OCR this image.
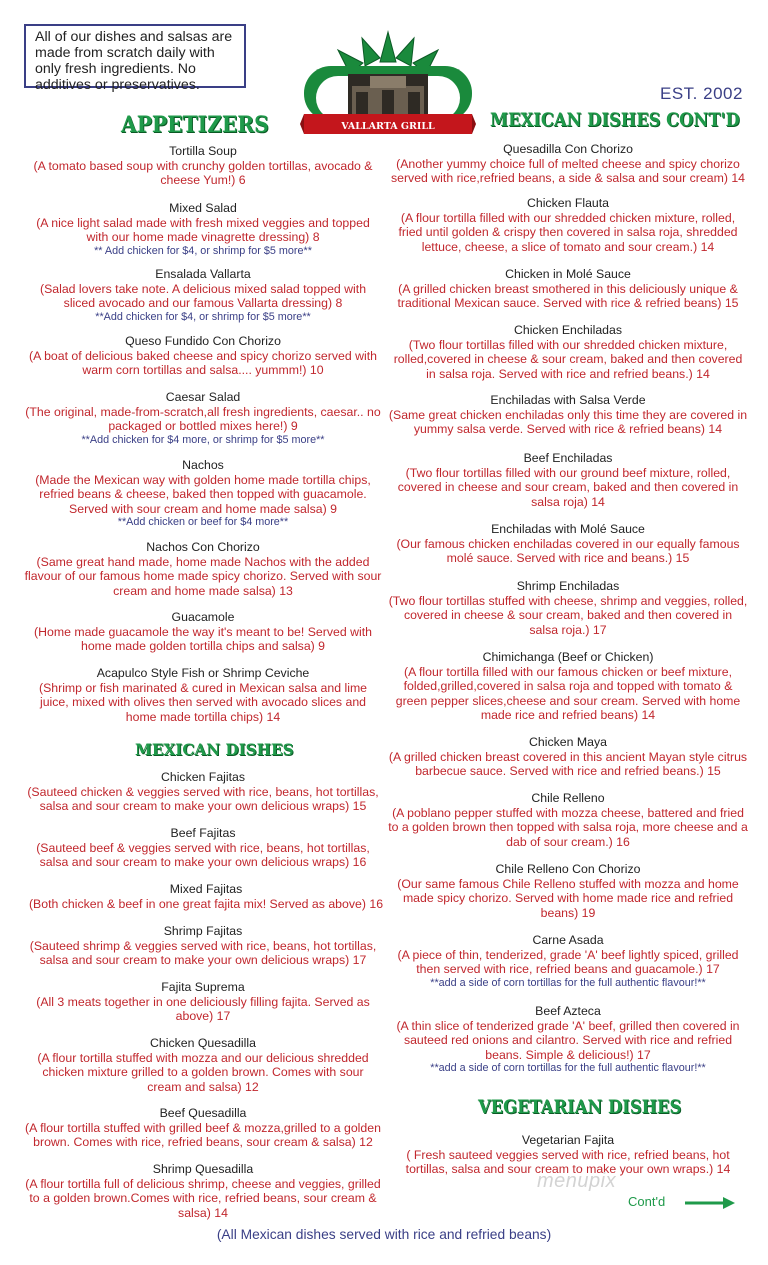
All of our dishes and salsas are made from scratch daily with only fresh ingredients. No additives or preservatives.
VALLARTA GRILL
EST. 2002
APPETIZERS
MEXICAN DISHES
MEXICAN DISHES CONT'D
VEGETARIAN DISHES
Tortilla Soup
(A tomato based soup with crunchy golden tortillas, avocado & cheese Yum!) 6
Mixed Salad
(A nice light salad made with fresh mixed veggies and topped with our home made vinagrette dressing) 8
** Add chicken for $4, or shrimp for $5 more**
Ensalada Vallarta
(Salad lovers take note. A delicious mixed salad topped with sliced avocado and our famous Vallarta dressing) 8
**Add chicken for $4, or shrimp for $5 more**
Queso Fundido Con Chorizo
(A boat of delicious baked cheese and spicy chorizo served with warm corn tortillas and salsa.... yummm!) 10
Caesar Salad
(The original, made-from-scratch,all fresh ingredients, caesar.. no packaged or bottled mixes here!) 9
**Add chicken for $4 more, or shrimp for $5 more**
Nachos
(Made the Mexican way with golden home made tortilla chips, refried beans & cheese, baked then topped with guacamole. Served with sour cream and home made salsa) 9
**Add chicken or beef for $4 more**
Nachos Con Chorizo
(Same great hand made, home made Nachos with the added flavour of our famous home made spicy chorizo. Served with sour cream and home made salsa) 13
Guacamole
(Home made guacamole the way it's meant to be! Served with home made golden tortilla chips and salsa) 9
Acapulco Style Fish or Shrimp Ceviche
(Shrimp or fish marinated & cured in Mexican salsa and lime juice, mixed with olives then served with avocado slices and home made tortilla chips) 14
Chicken Fajitas
(Sauteed chicken & veggies served with rice, beans, hot tortillas, salsa and sour cream to make your own delicious wraps) 15
Beef Fajitas
(Sauteed beef & veggies served with rice, beans, hot tortillas, salsa and sour cream to make your own delicious wraps) 16
Mixed Fajitas
(Both chicken & beef in one great fajita mix! Served as above) 16
Shrimp Fajitas
(Sauteed shrimp & veggies served with rice, beans, hot tortillas, salsa and sour cream to make your own delicious wraps) 17
Fajita Suprema
(All 3 meats together in one deliciously filling fajita. Served as above) 17
Chicken Quesadilla
(A flour tortilla stuffed with mozza and our delicious shredded chicken mixture grilled to a golden brown. Comes with sour cream and salsa) 12
Beef Quesadilla
(A flour tortilla stuffed with grilled beef & mozza,grilled to a golden brown. Comes with rice, refried beans, sour cream & salsa) 12
Shrimp Quesadilla
(A flour tortilla full of delicious shrimp, cheese and veggies, grilled to a golden brown.Comes with rice, refried beans, sour cream & salsa) 14
Quesadilla Con Chorizo
(Another yummy choice full of melted cheese and spicy chorizo served with rice,refried beans, a side & salsa and sour cream) 14
Chicken Flauta
(A flour tortilla filled with our shredded chicken mixture, rolled, fried until golden & crispy then covered in salsa roja, shredded lettuce, cheese, a slice of tomato and sour cream.) 14
Chicken in Molé Sauce
(A grilled chicken breast smothered in this deliciously unique & traditional Mexican sauce. Served with rice & refried beans) 15
Chicken Enchiladas
(Two flour tortillas filled with our shredded chicken mixture, rolled,covered in cheese & sour cream, baked and then covered in salsa roja. Served with rice and refried beans.) 14
Enchiladas with Salsa Verde
(Same great chicken enchiladas only this time they are covered in yummy salsa verde. Served with rice & refried beans) 14
Beef Enchiladas
(Two flour tortillas filled with our ground beef mixture, rolled, covered in cheese and sour cream, baked and then covered in salsa roja) 14
Enchiladas with Molé Sauce
(Our famous chicken enchiladas covered in our equally famous molé sauce. Served with rice and beans.) 15
Shrimp Enchiladas
(Two flour tortillas stuffed with cheese, shrimp and veggies, rolled, covered in cheese & sour cream, baked and then covered in salsa roja.) 17
Chimichanga (Beef or Chicken)
(A flour tortilla filled with our famous chicken or beef mixture, folded,grilled,covered in salsa roja and topped with tomato & green pepper slices,cheese and sour cream. Served with home made rice and refried beans) 14
Chicken Maya
(A grilled chicken breast covered in this ancient Mayan style citrus barbecue sauce. Served with rice and refried beans.) 15
Chile Relleno
(A poblano pepper stuffed with mozza cheese, battered and fried to a golden brown then topped with salsa roja, more cheese and a dab of sour cream.) 16
Chile Relleno Con Chorizo
(Our same famous Chile Relleno stuffed with mozza and home made spicy chorizo. Served with home made rice and refried beans) 19
Carne Asada
(A piece of thin, tenderized, grade 'A' beef lightly spiced, grilled then served with rice, refried beans and guacamole.) 17
**add a side of corn tortillas for the full authentic flavour!**
Beef Azteca
(A thin slice of tenderized grade 'A' beef, grilled then covered in sauteed red onions and cilantro. Served with rice and refried beans. Simple & delicious!) 17
**add a side of corn tortillas for the full authentic flavour!**
Vegetarian Fajita
( Fresh sauteed veggies served with rice, refried beans, hot tortillas, salsa and sour cream to make your own wraps.) 14
menupix
Cont'd
(All Mexican dishes served with rice and refried beans)
